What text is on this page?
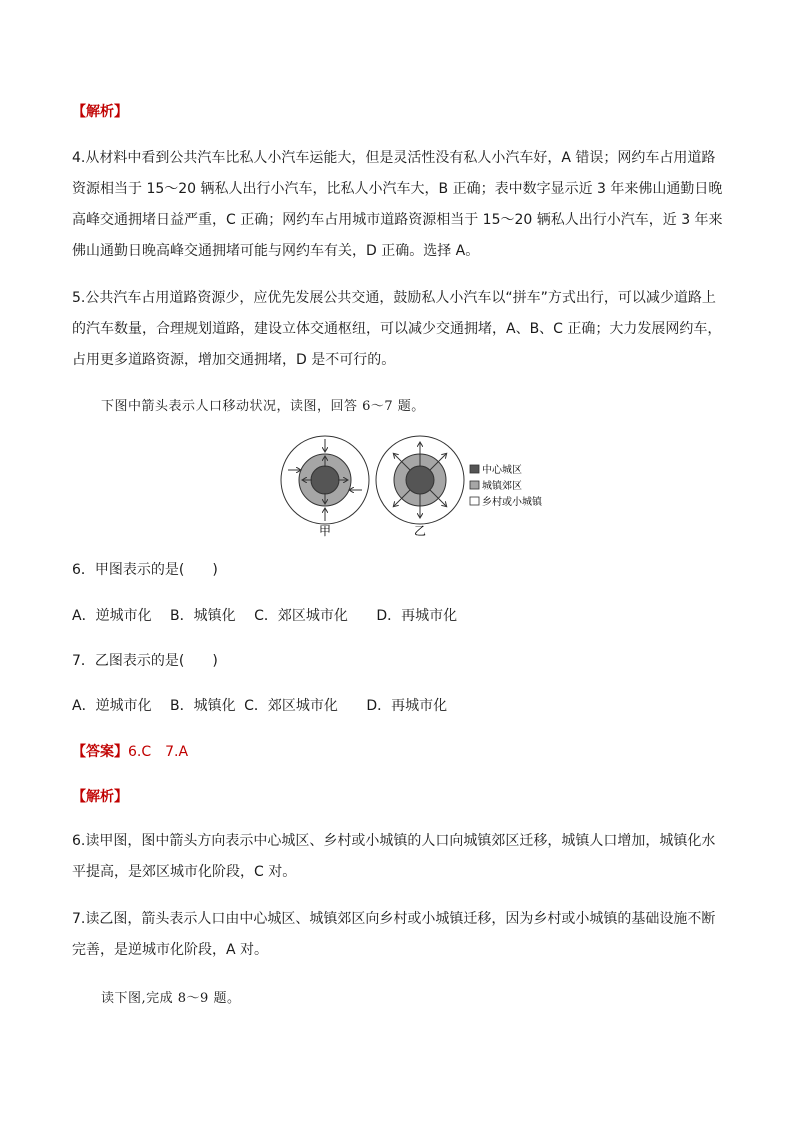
【解析】
4.从材料中看到公共汽车比私人小汽车运能大，但是灵活性没有私人小汽车好，A 错误；网约车占用道路资源相当于 15～20 辆私人出行小汽车，比私人小汽车大，B 正确；表中数字显示近 3 年来佛山通勤日晚高峰交通拥堵日益严重，C 正确；网约车占用城市道路资源相当于 15～20 辆私人出行小汽车，近 3 年来佛山通勤日晚高峰交通拥堵可能与网约车有关，D 正确。选择 A。
5.公共汽车占用道路资源少，应优先发展公共交通，鼓励私人小汽车以“拼车”方式出行，可以减少道路上的汽车数量，合理规划道路，建设立体交通枢纽，可以减少交通拥堵，A、B、C 正确；大力发展网约车，占用更多道路资源，增加交通拥堵，D 是不可行的。
下图中箭头表示人口移动状况，读图，回答 6～7 题。
甲	乙
中心城区
城镇郊区
乡村或小城镇
6．甲图表示的是(　　)
A．逆城市化 B．城镇化 C．郊区城市化 D．再城市化
7．乙图表示的是(　　)
A．逆城市化 B．城镇化 C．郊区城市化 D．再城市化
【答案】6.C　7.A
【解析】
6.读甲图，图中箭头方向表示中心城区、乡村或小城镇的人口向城镇郊区迁移，城镇人口增加，城镇化水平提高，是郊区城市化阶段，C 对。
7.读乙图，箭头表示人口由中心城区、城镇郊区向乡村或小城镇迁移，因为乡村或小城镇的基础设施不断完善，是逆城市化阶段，A 对。
读下图,完成 8～9 题。
